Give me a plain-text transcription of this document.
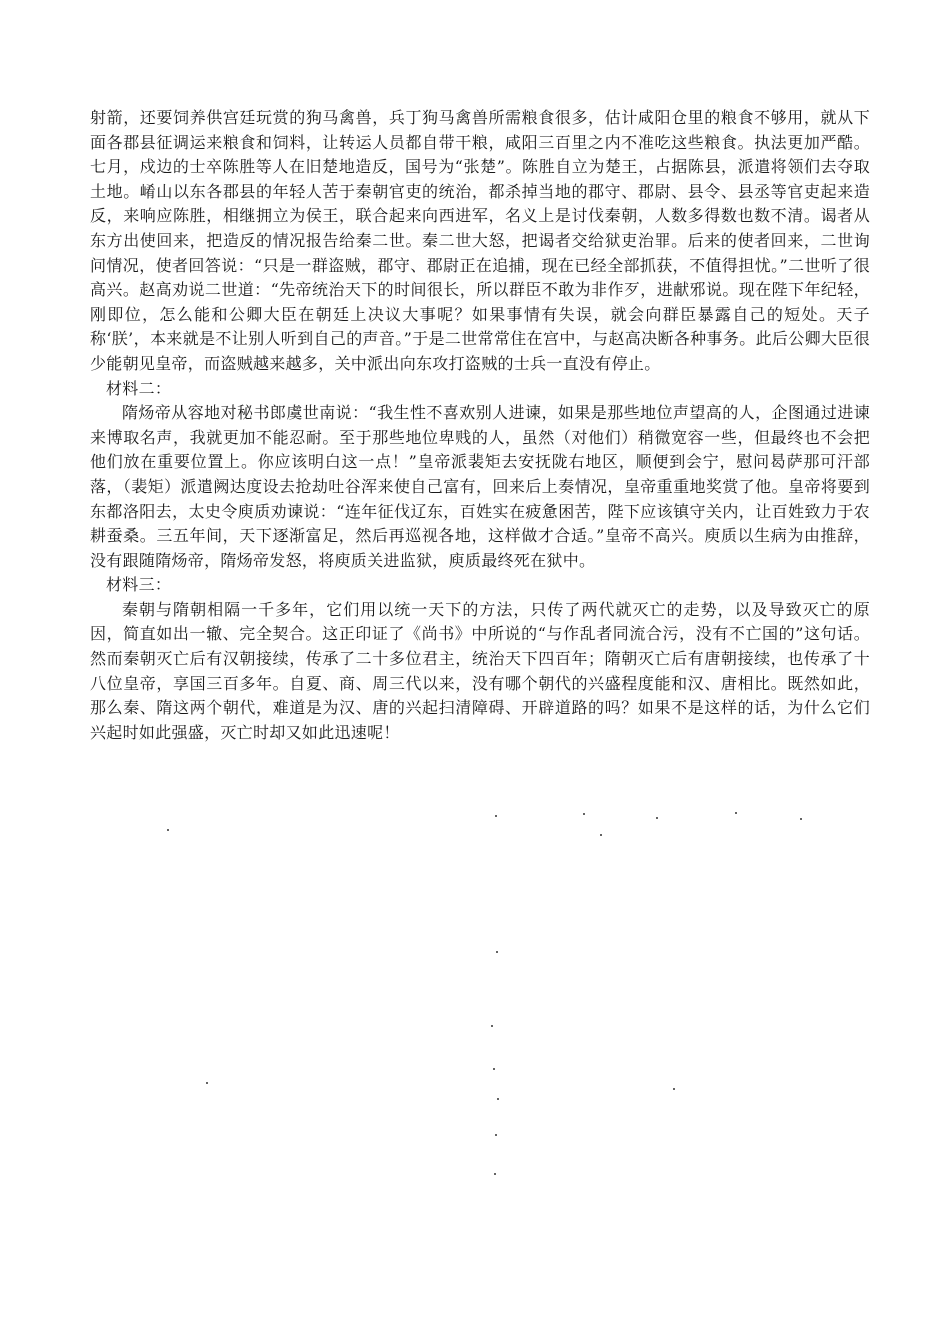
射箭，还要饲养供宫廷玩赏的狗马禽兽，兵丁狗马禽兽所需粮食很多，估计咸阳仓里的粮食不够用，就从下面各郡县征调运来粮食和饲料，让转运人员都自带干粮，咸阳三百里之内不准吃这些粮食。执法更加严酷。七月，戍边的士卒陈胜等人在旧楚地造反，国号为“张楚”。陈胜自立为楚王，占据陈县，派遣将领们去夺取土地。崤山以东各郡县的年轻人苦于秦朝官吏的统治，都杀掉当地的郡守、郡尉、县令、县丞等官吏起来造反，来响应陈胜，相继拥立为侯王，联合起来向西进军，名义上是讨伐秦朝，人数多得数也数不清。谒者从东方出使回来，把造反的情况报告给秦二世。秦二世大怒，把谒者交给狱吏治罪。后来的使者回来，二世询问情况，使者回答说：“只是一群盗贼，郡守、郡尉正在追捕，现在已经全部抓获，不值得担忧。”二世听了很高兴。赵高劝说二世道：“先帝统治天下的时间很长，所以群臣不敢为非作歹，进献邪说。现在陛下年纪轻，刚即位，怎么能和公卿大臣在朝廷上决议大事呢？如果事情有失误，就会向群臣暴露自己的短处。天子称‘朕’，本来就是不让别人听到自己的声音。”于是二世常常住在宫中，与赵高决断各种事务。此后公卿大臣很少能朝见皇帝，而盗贼越来越多，关中派出向东攻打盗贼的士兵一直没有停止。

材料二：

隋炀帝从容地对秘书郎虞世南说：“我生性不喜欢别人进谏，如果是那些地位声望高的人，企图通过进谏来博取名声，我就更加不能忍耐。至于那些地位卑贱的人，虽然（对他们）稍微宽容一些，但最终也不会把他们放在重要位置上。你应该明白这一点！”皇帝派裴矩去安抚陇右地区，顺便到会宁，慰问曷萨那可汗部落，（裴矩）派遣阙达度设去抢劫吐谷浑来使自己富有，回来后上奏情况，皇帝重重地奖赏了他。皇帝将要到东都洛阳去，太史令庾质劝谏说：“连年征伐辽东，百姓实在疲惫困苦，陛下应该镇守关内，让百姓致力于农耕蚕桑。三五年间，天下逐渐富足，然后再巡视各地，这样做才合适。”皇帝不高兴。庾质以生病为由推辞，没有跟随隋炀帝，隋炀帝发怒，将庾质关进监狱，庾质最终死在狱中。

材料三：

秦朝与隋朝相隔一千多年，它们用以统一天下的方法，只传了两代就灭亡的走势，以及导致灭亡的原因，简直如出一辙、完全契合。这正印证了《尚书》中所说的“与作乱者同流合污，没有不亡国的”这句话。然而秦朝灭亡后有汉朝接续，传承了二十多位君主，统治天下四百年；隋朝灭亡后有唐朝接续，也传承了十八位皇帝，享国三百多年。自夏、商、周三代以来，没有哪个朝代的兴盛程度能和汉、唐相比。既然如此，那么秦、隋这两个朝代，难道是为汉、唐的兴起扫清障碍、开辟道路的吗？如果不是这样的话，为什么它们兴起时如此强盛，灭亡时却又如此迅速呢！
